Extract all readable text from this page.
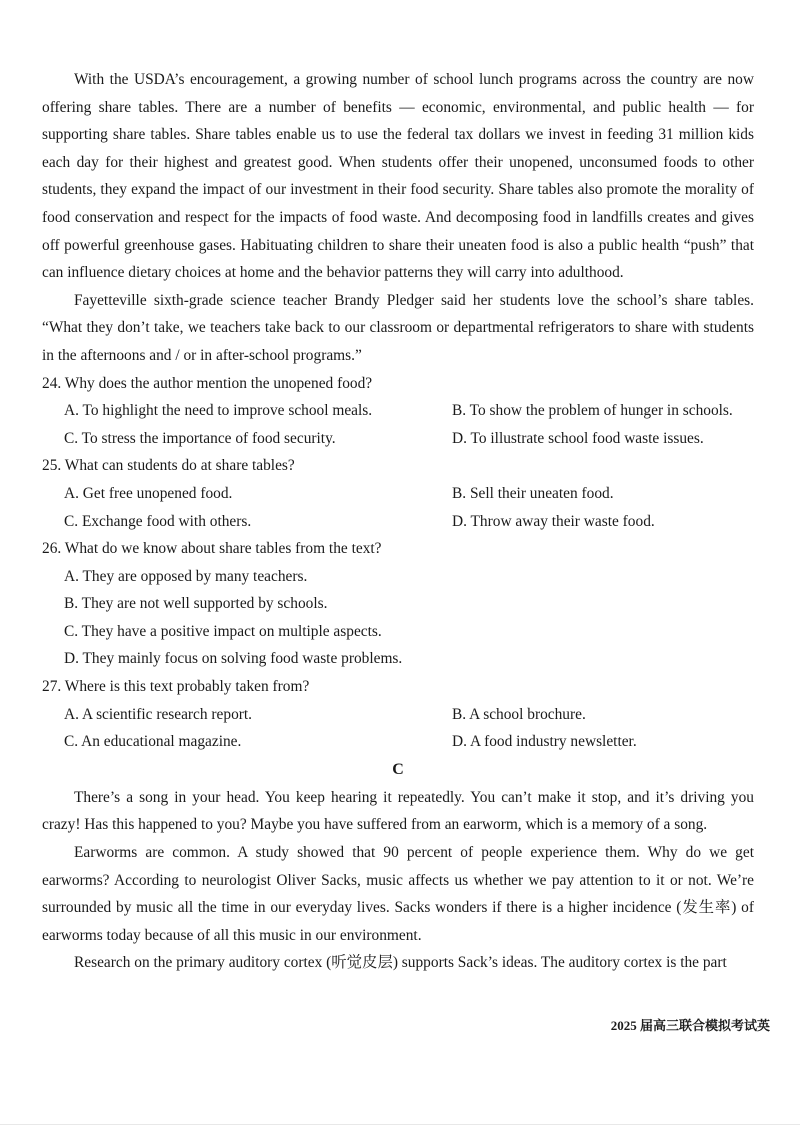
With the USDA’s encouragement, a growing number of school lunch programs across the country are now offering share tables. There are a number of benefits — economic, environmental, and public health — for supporting share tables. Share tables enable us to use the federal tax dollars we invest in feeding 31 million kids each day for their highest and greatest good. When students offer their unopened, unconsumed foods to other students, they expand the impact of our investment in their food security. Share tables also promote the morality of food conservation and respect for the impacts of food waste. And decomposing food in landfills creates and gives off powerful greenhouse gases. Habituating children to share their uneaten food is also a public health “push” that can influence dietary choices at home and the behavior patterns they will carry into adulthood.

Fayetteville sixth-grade science teacher Brandy Pledger said her students love the school’s share tables. “What they don’t take, we teachers take back to our classroom or departmental refrigerators to share with students in the afternoons and / or in after-school programs.”

24. Why does the author mention the unopened food?

A. To highlight the need to improve school meals.	B. To show the problem of hunger in schools.

C. To stress the importance of food security.	D. To illustrate school food waste issues.

25. What can students do at share tables?

A. Get free unopened food.	B. Sell their uneaten food.

C. Exchange food with others.	D. Throw away their waste food.

26. What do we know about share tables from the text?

A. They are opposed by many teachers.

B. They are not well supported by schools.

C. They have a positive impact on multiple aspects.

D. They mainly focus on solving food waste problems.

27. Where is this text probably taken from?

A. A scientific research report.	B. A school brochure.

C. An educational magazine.	D. A food industry newsletter.

C

There’s a song in your head. You keep hearing it repeatedly. You can’t make it stop, and it’s driving you crazy! Has this happened to you? Maybe you have suffered from an earworm, which is a memory of a song.

Earworms are common. A study showed that 90 percent of people experience them. Why do we get earworms? According to neurologist Oliver Sacks, music affects us whether we pay attention to it or not. We’re surrounded by music all the time in our everyday lives. Sacks wonders if there is a higher incidence (发生率) of earworms today because of all this music in our environment.

Research on the primary auditory cortex (听觉皮层) supports Sack’s ideas. The auditory cortex is the part

2025 届高三联合模拟考试英
